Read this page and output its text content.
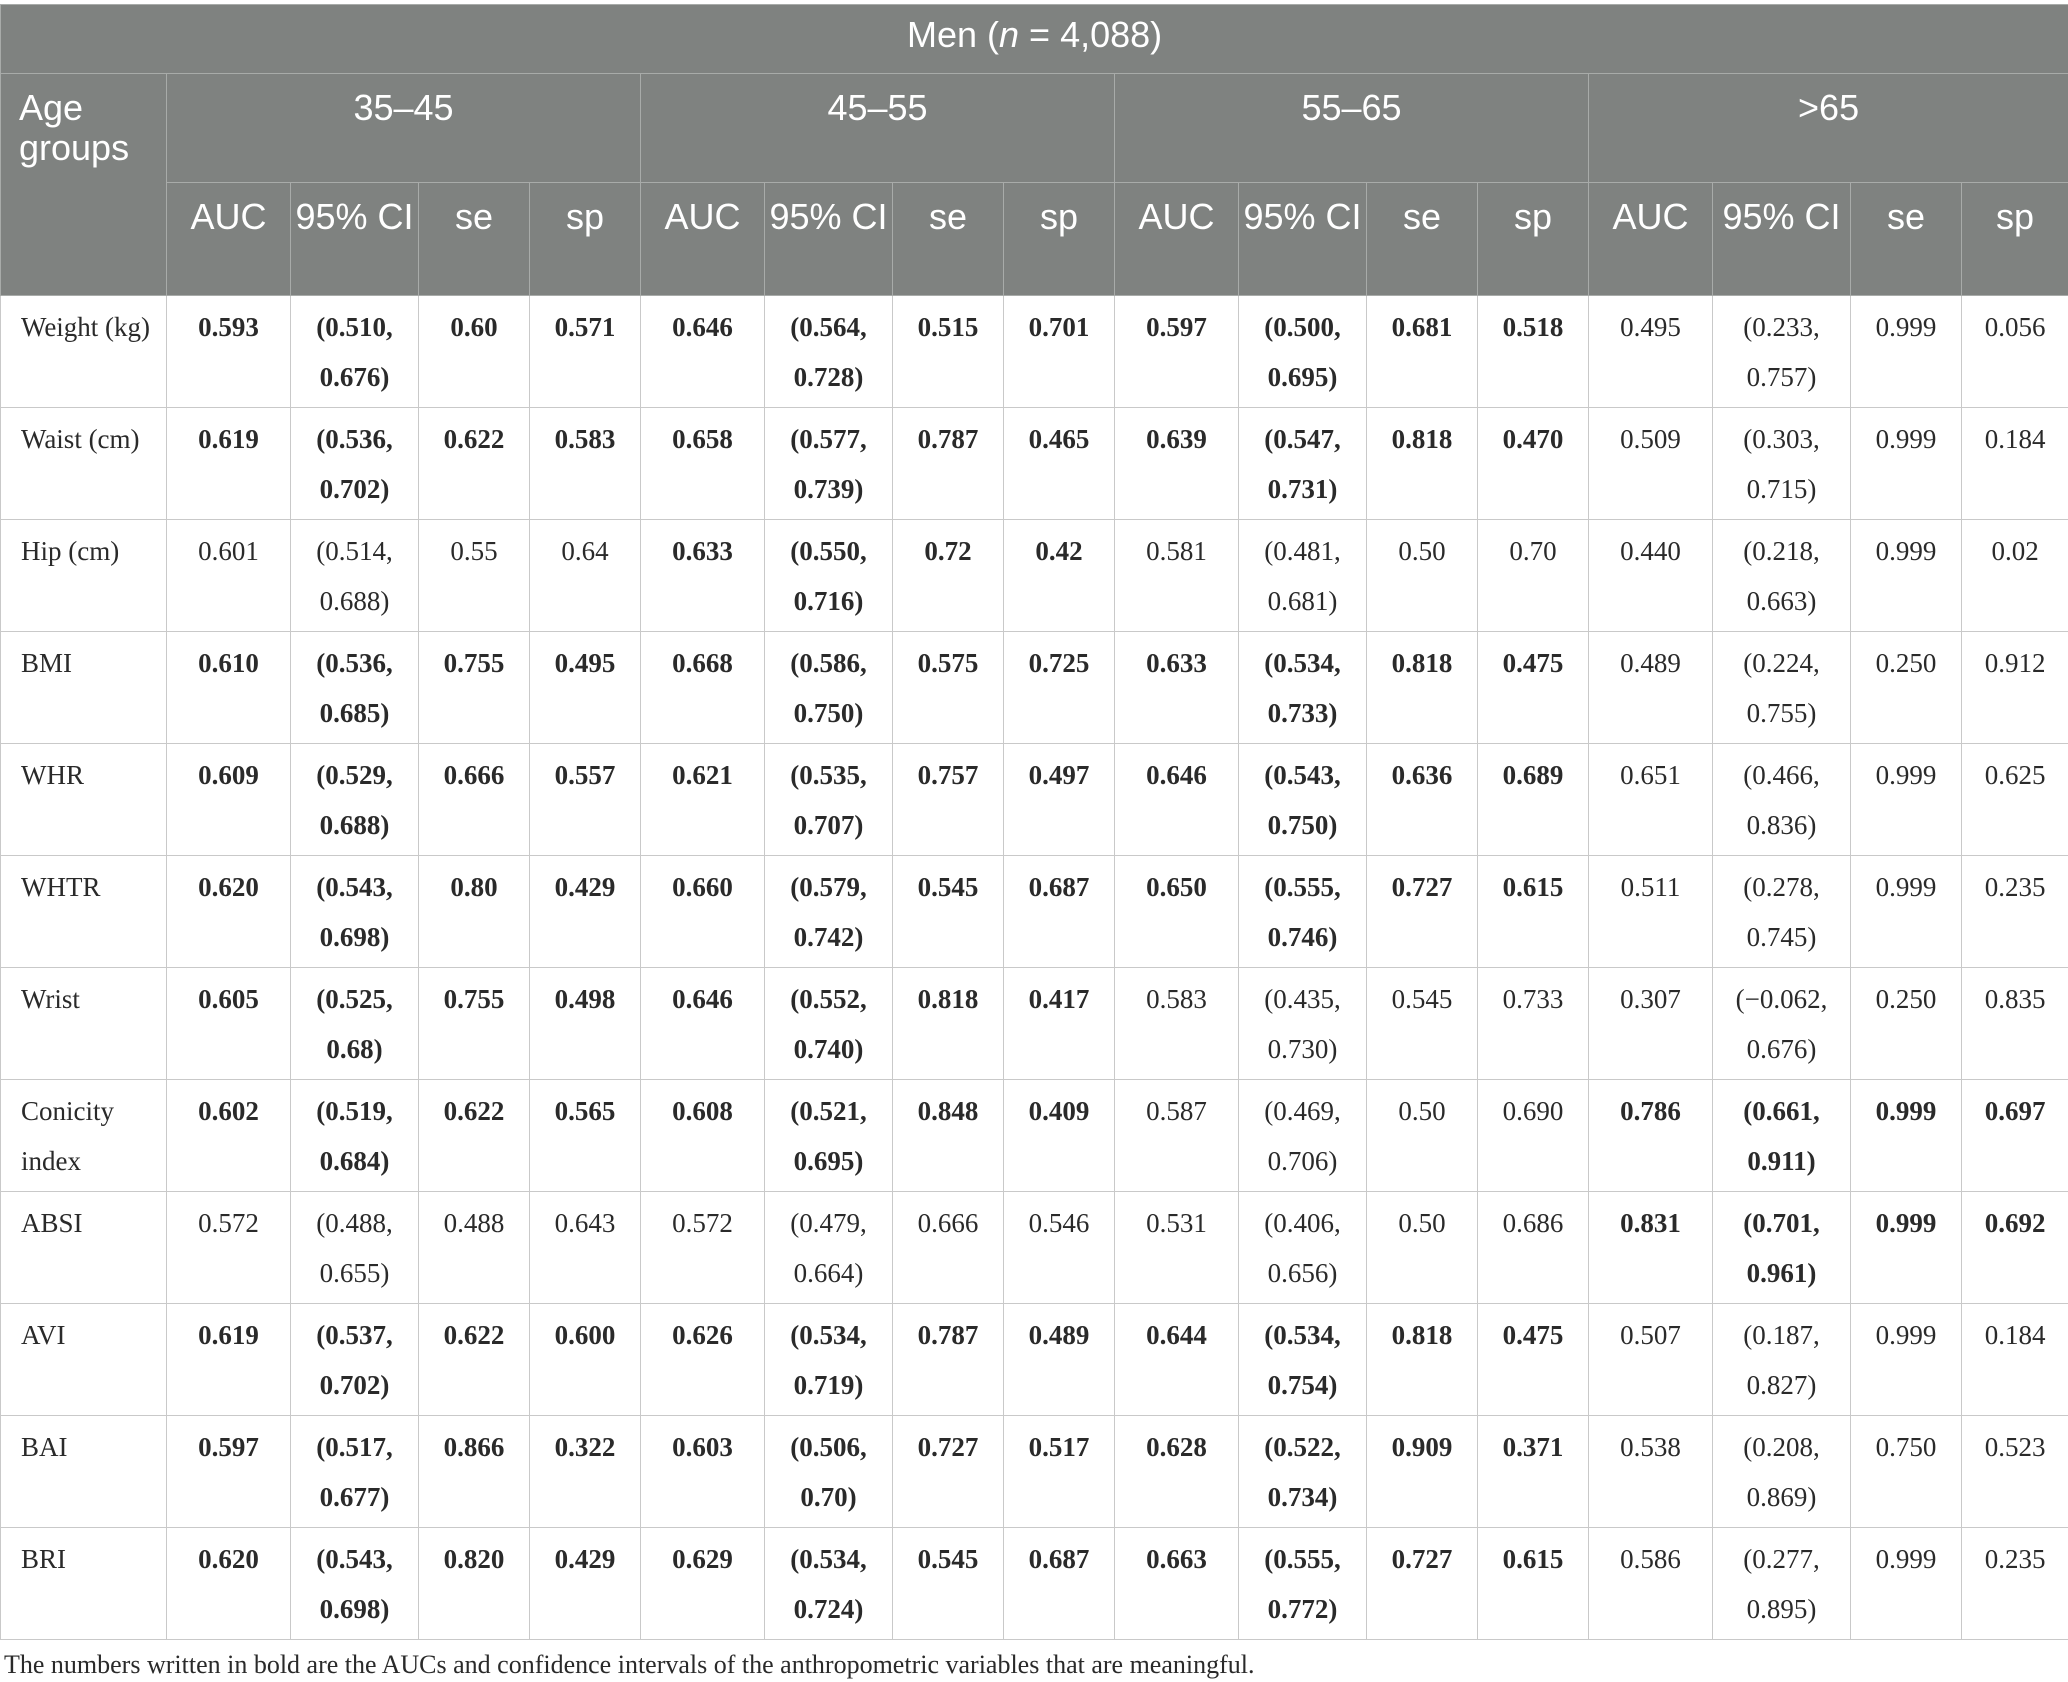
Men (n = 4,088)																
Age groups	35–45				45–55				55–65				>65			
	AUC	95% CI	se	sp	AUC	95% CI	se	sp	AUC	95% CI	se	sp	AUC	95% CI	se	sp
Weight (kg)	0.593	(0.510, 0.676)	0.60	0.571	0.646	(0.564, 0.728)	0.515	0.701	0.597	(0.500, 0.695)	0.681	0.518	0.495	(0.233, 0.757)	0.999	0.056
Waist (cm)	0.619	(0.536, 0.702)	0.622	0.583	0.658	(0.577, 0.739)	0.787	0.465	0.639	(0.547, 0.731)	0.818	0.470	0.509	(0.303, 0.715)	0.999	0.184
Hip (cm)	0.601	(0.514, 0.688)	0.55	0.64	0.633	(0.550, 0.716)	0.72	0.42	0.581	(0.481, 0.681)	0.50	0.70	0.440	(0.218, 0.663)	0.999	0.02
BMI	0.610	(0.536, 0.685)	0.755	0.495	0.668	(0.586, 0.750)	0.575	0.725	0.633	(0.534, 0.733)	0.818	0.475	0.489	(0.224, 0.755)	0.250	0.912
WHR	0.609	(0.529, 0.688)	0.666	0.557	0.621	(0.535, 0.707)	0.757	0.497	0.646	(0.543, 0.750)	0.636	0.689	0.651	(0.466, 0.836)	0.999	0.625
WHTR	0.620	(0.543, 0.698)	0.80	0.429	0.660	(0.579, 0.742)	0.545	0.687	0.650	(0.555, 0.746)	0.727	0.615	0.511	(0.278, 0.745)	0.999	0.235
Wrist	0.605	(0.525, 0.68)	0.755	0.498	0.646	(0.552, 0.740)	0.818	0.417	0.583	(0.435, 0.730)	0.545	0.733	0.307	(−0.062, 0.676)	0.250	0.835
Conicity index	0.602	(0.519, 0.684)	0.622	0.565	0.608	(0.521, 0.695)	0.848	0.409	0.587	(0.469, 0.706)	0.50	0.690	0.786	(0.661, 0.911)	0.999	0.697
ABSI	0.572	(0.488, 0.655)	0.488	0.643	0.572	(0.479, 0.664)	0.666	0.546	0.531	(0.406, 0.656)	0.50	0.686	0.831	(0.701, 0.961)	0.999	0.692
AVI	0.619	(0.537, 0.702)	0.622	0.600	0.626	(0.534, 0.719)	0.787	0.489	0.644	(0.534, 0.754)	0.818	0.475	0.507	(0.187, 0.827)	0.999	0.184
BAI	0.597	(0.517, 0.677)	0.866	0.322	0.603	(0.506, 0.70)	0.727	0.517	0.628	(0.522, 0.734)	0.909	0.371	0.538	(0.208, 0.869)	0.750	0.523
BRI	0.620	(0.543, 0.698)	0.820	0.429	0.629	(0.534, 0.724)	0.545	0.687	0.663	(0.555, 0.772)	0.727	0.615	0.586	(0.277, 0.895)	0.999	0.235
The numbers written in bold are the AUCs and confidence intervals of the anthropometric variables that are meaningful.
